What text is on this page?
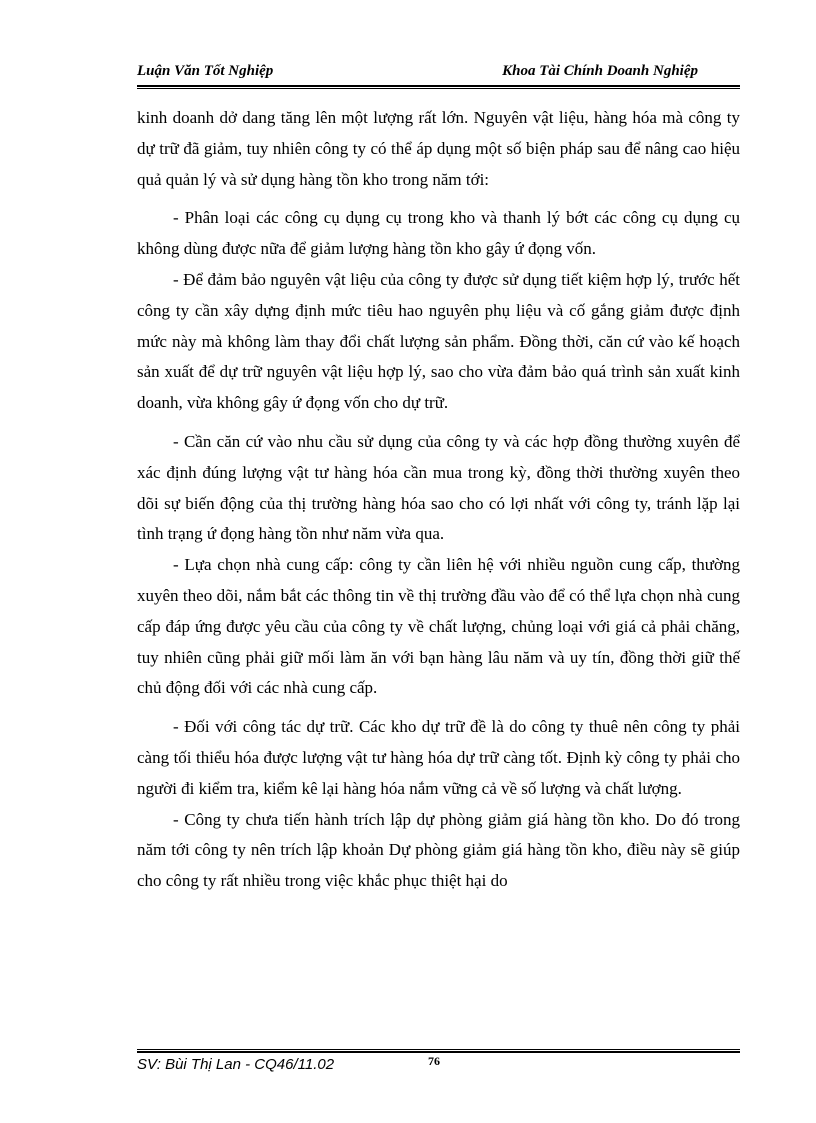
Luận Văn Tốt Nghiệp	Khoa Tài Chính Doanh Nghiệp

kinh doanh dở dang tăng lên một lượng rất lớn. Nguyên vật liệu, hàng hóa mà công ty dự trữ đã giảm, tuy nhiên công ty có thể áp dụng một số biện pháp sau để nâng cao hiệu quả quản lý và sử dụng hàng tồn kho trong năm tới:

- Phân loại các công cụ dụng cụ trong kho và thanh lý bớt các công cụ dụng cụ không dùng được nữa để giảm lượng hàng tồn kho gây ứ đọng vốn.

- Để đảm bảo nguyên vật liệu của công ty được sử dụng tiết kiệm hợp lý, trước hết công ty cần xây dựng định mức tiêu hao nguyên phụ liệu và cố gắng giảm được định mức này mà không làm thay đổi chất lượng sản phẩm. Đồng thời, căn cứ vào kế hoạch sản xuất để dự trữ nguyên vật liệu hợp lý, sao cho vừa đảm bảo quá trình sản xuất kinh doanh, vừa không gây ứ đọng vốn cho dự trữ.

- Cần căn cứ vào nhu cầu sử dụng của công ty và các hợp đồng thường xuyên để xác định đúng lượng vật tư hàng hóa cần mua trong kỳ, đồng thời thường xuyên theo dõi sự biến động của thị trường hàng hóa sao cho có lợi nhất với công ty, tránh lặp lại tình trạng ứ đọng hàng tồn như năm vừa qua.

- Lựa chọn nhà cung cấp: công ty cần liên hệ với nhiều nguồn cung cấp, thường xuyên theo dõi, nắm bắt các thông tin về thị trường đầu vào để có thể lựa chọn nhà cung cấp đáp ứng được yêu cầu của công ty về chất lượng, chủng loại với giá cả phải chăng, tuy nhiên cũng phải giữ mối làm ăn với bạn hàng lâu năm và uy tín, đồng thời giữ thế chủ động đối với các nhà cung cấp.

- Đối với công tác dự trữ. Các kho dự trữ đề là do công ty thuê nên công ty phải càng tối thiểu hóa được lượng vật tư hàng hóa dự trữ càng tốt. Định kỳ công ty phải cho người đi kiểm tra, kiểm kê lại hàng hóa nắm vững cả về số lượng và chất lượng.

- Công ty chưa tiến hành trích lập dự phòng giảm giá hàng tồn kho. Do đó trong năm tới công ty nên trích lập khoản Dự phòng giảm giá hàng tồn kho, điều này sẽ giúp cho công ty rất nhiều trong việc khắc phục thiệt hại do

SV: Bùi Thị Lan - CQ46/11.02	76
